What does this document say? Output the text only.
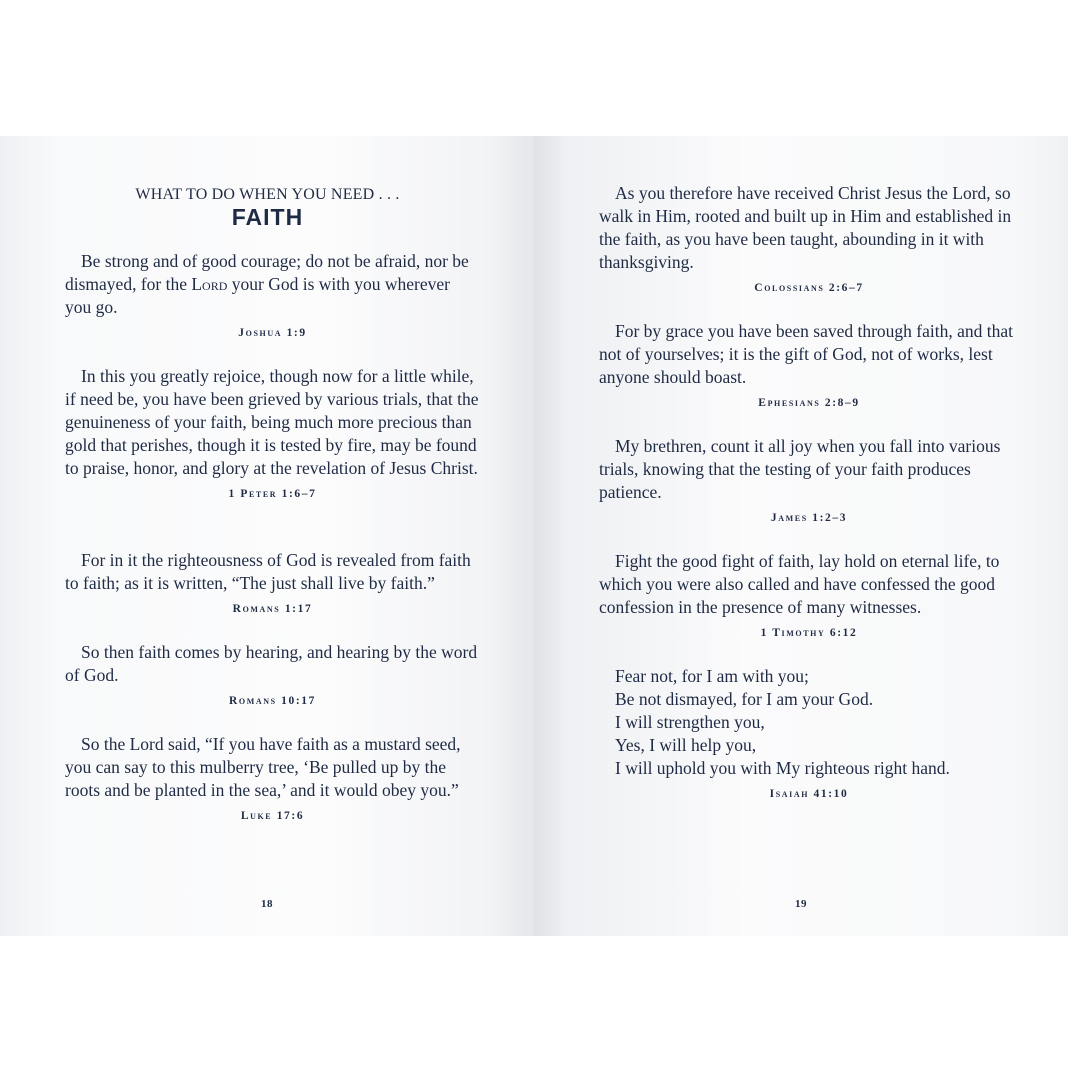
WHAT TO DO WHEN YOU NEED . . .
FAITH

Be strong and of good courage; do not be afraid, nor be dismayed, for the Lord your God is with you wherever you go.

Joshua 1:9

In this you greatly rejoice, though now for a little while, if need be, you have been grieved by various trials, that the genuineness of your faith, being much more precious than gold that perishes, though it is tested by fire, may be found to praise, honor, and glory at the revelation of Jesus Christ.

1 Peter 1:6–7

For in it the righteousness of God is revealed from faith to faith; as it is written, “The just shall live by faith.”

Romans 1:17

So then faith comes by hearing, and hearing by the word of God.

Romans 10:17

So the Lord said, “If you have faith as a mustard seed, you can say to this mulberry tree, ‘Be pulled up by the roots and be planted in the sea,’ and it would obey you.”

Luke 17:6

18

As you therefore have received Christ Jesus the Lord, so walk in Him, rooted and built up in Him and established in the faith, as you have been taught, abounding in it with thanksgiving.

Colossians 2:6–7

For by grace you have been saved through faith, and that not of yourselves; it is the gift of God, not of works, lest anyone should boast.

Ephesians 2:8–9

My brethren, count it all joy when you fall into various trials, knowing that the testing of your faith produces patience.

James 1:2–3

Fight the good fight of faith, lay hold on eternal life, to which you were also called and have confessed the good confession in the presence of many witnesses.

1 Timothy 6:12

Fear not, for I am with you;
Be not dismayed, for I am your God.
I will strengthen you,
Yes, I will help you,
I will uphold you with My righteous right hand.

Isaiah 41:10

19
